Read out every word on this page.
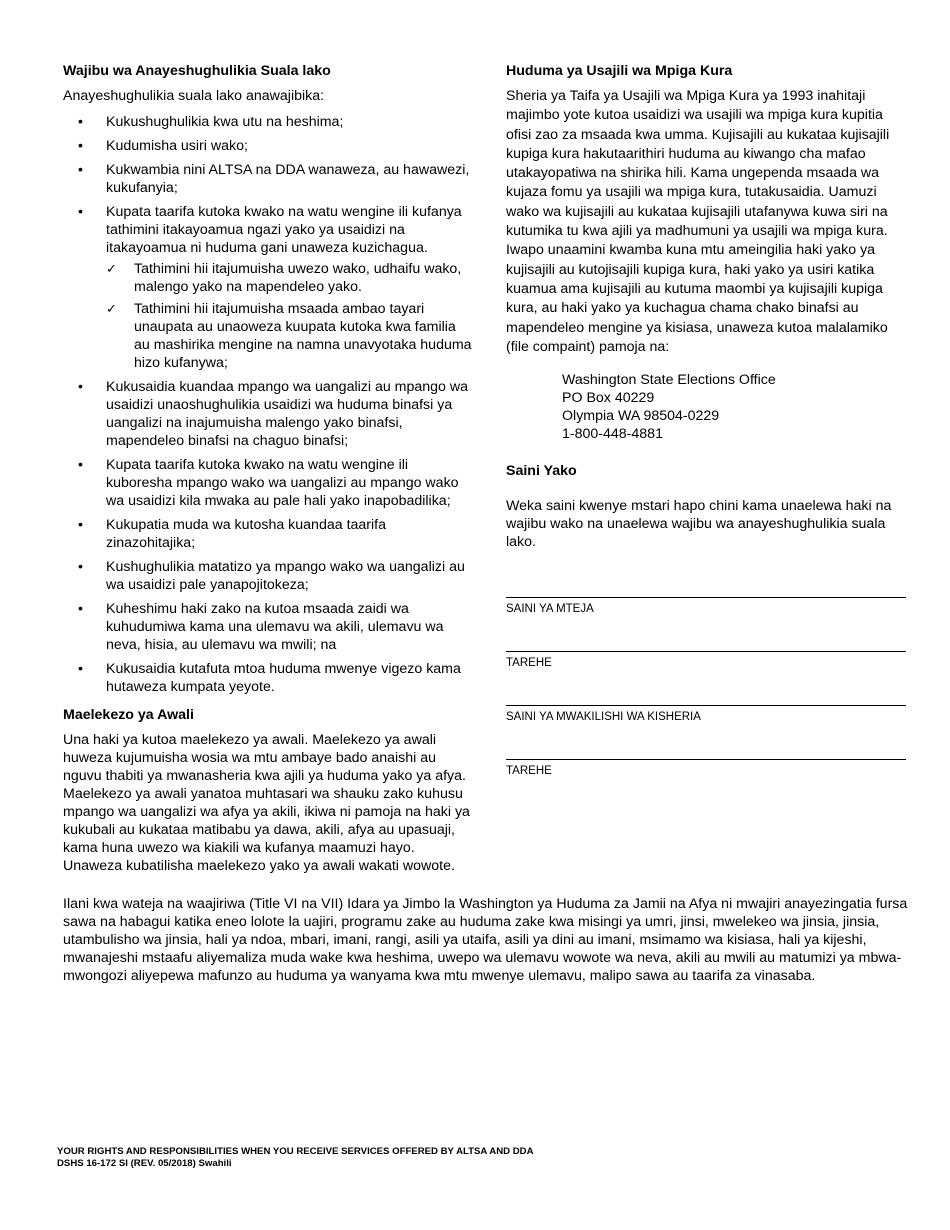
Wajibu wa Anayeshughulikia Suala lako

Anayeshughulikia suala lako anawajibika:

• Kukushughulikia kwa utu na heshima;
• Kudumisha usiri wako;
• Kukwambia nini ALTSA na DDA wanaweza, au hawawezi, kukufanyia;
• Kupata taarifa kutoka kwako na watu wengine ili kufanya tathimini itakayoamua ngazi yako ya usaidizi na itakayoamua ni huduma gani unaweza kuzichagua.
✓ Tathimini hii itajumuisha uwezo wako, udhaifu wako, malengo yako na mapendeleo yako.
✓ Tathimini hii itajumuisha msaada ambao tayari unaupata au unaoweza kuupata kutoka kwa familia au mashirika mengine na namna unavyotaka huduma hizo kufanywa;
• Kukusaidia kuandaa mpango wa uangalizi au mpango wa usaidizi unaoshughulikia usaidizi wa huduma binafsi ya uangalizi na inajumuisha malengo yako binafsi, mapendeleo binafsi na chaguo binafsi;
• Kupata taarifa kutoka kwako na watu wengine ili kuboresha mpango wako wa uangalizi au mpango wako wa usaidizi kila mwaka au pale hali yako inapobadilika;
• Kukupatia muda wa kutosha kuandaa taarifa zinazohitajika;
• Kushughulikia matatizo ya mpango wako wa uangalizi au wa usaidizi pale yanapojitokeza;
• Kuheshimu haki zako na kutoa msaada zaidi wa kuhudumiwa kama una ulemavu wa akili, ulemavu wa neva, hisia, au ulemavu wa mwili; na
• Kukusaidia kutafuta mtoa huduma mwenye vigezo kama hutaweza kumpata yeyote.
Maelekezo ya Awali

Una haki ya kutoa maelekezo ya awali. Maelekezo ya awali huweza kujumuisha wosia wa mtu ambaye bado anaishi au nguvu thabiti ya mwanasheria kwa ajili ya huduma yako ya afya. Maelekezo ya awali yanatoa muhtasari wa shauku zako kuhusu mpango wa uangalizi wa afya ya akili, ikiwa ni pamoja na haki ya kukubali au kukataa matibabu ya dawa, akili, afya au upasuaji, kama huna uwezo wa kiakili wa kufanya maamuzi hayo. Unaweza kubatilisha maelekezo yako ya awali wakati wowote.

Huduma ya Usajili wa Mpiga Kura

Sheria ya Taifa ya Usajili wa Mpiga Kura ya 1993 inahitaji majimbo yote kutoa usaidizi wa usajili wa mpiga kura kupitia ofisi zao za msaada kwa umma. Kujisajili au kukataa kujisajili kupiga kura hakutaarithiri huduma au kiwango cha mafao utakayopatiwa na shirika hili. Kama ungependa msaada wa kujaza fomu ya usajili wa mpiga kura, tutakusaidia. Uamuzi wako wa kujisajili au kukataa kujisajili utafanywa kuwa siri na kutumika tu kwa ajili ya madhumuni ya usajili wa mpiga kura. Iwapo unaamini kwamba kuna mtu ameingilia haki yako ya kujisajili au kutojisajili kupiga kura, haki yako ya usiri katika kuamua ama kujisajili au kutuma maombi ya kujisajili kupiga kura, au haki yako ya kuchagua chama chako binafsi au mapendeleo mengine ya kisiasa, unaweza kutoa malalamiko (file compaint) pamoja na:

Washington State Elections Office
PO Box 40229
Olympia WA 98504-0229
1-800-448-4881
Saini Yako

Weka saini kwenye mstari hapo chini kama unaelewa haki na wajibu wako na unaelewa wajibu wa anayeshughulikia suala lako.

SAINI YA MTEJA
TAREHE
SAINI YA MWAKILISHI WA KISHERIA
TAREHE

Ilani kwa wateja na waajiriwa (Title VI na VII) Idara ya Jimbo la Washington ya Huduma za Jamii na Afya ni mwajiri anayezingatia fursa sawa na habagui katika eneo lolote la uajiri, programu zake au huduma zake kwa misingi ya umri, jinsi, mwelekeo wa jinsia, jinsia, utambulisho wa jinsia, hali ya ndoa, mbari, imani, rangi, asili ya utaifa, asili ya dini au imani, msimamo wa kisiasa, hali ya kijeshi, mwanajeshi mstaafu aliyemaliza muda wake kwa heshima, uwepo wa ulemavu wowote wa neva, akili au mwili au matumizi ya mbwa-mwongozi aliyepewa mafunzo au huduma ya wanyama kwa mtu mwenye ulemavu, malipo sawa au taarifa za vinasaba.

YOUR RIGHTS AND RESPONSIBILITIES WHEN YOU RECEIVE SERVICES OFFERED BY ALTSA AND DDA
DSHS 16-172 SI (REV. 05/2018) Swahili
